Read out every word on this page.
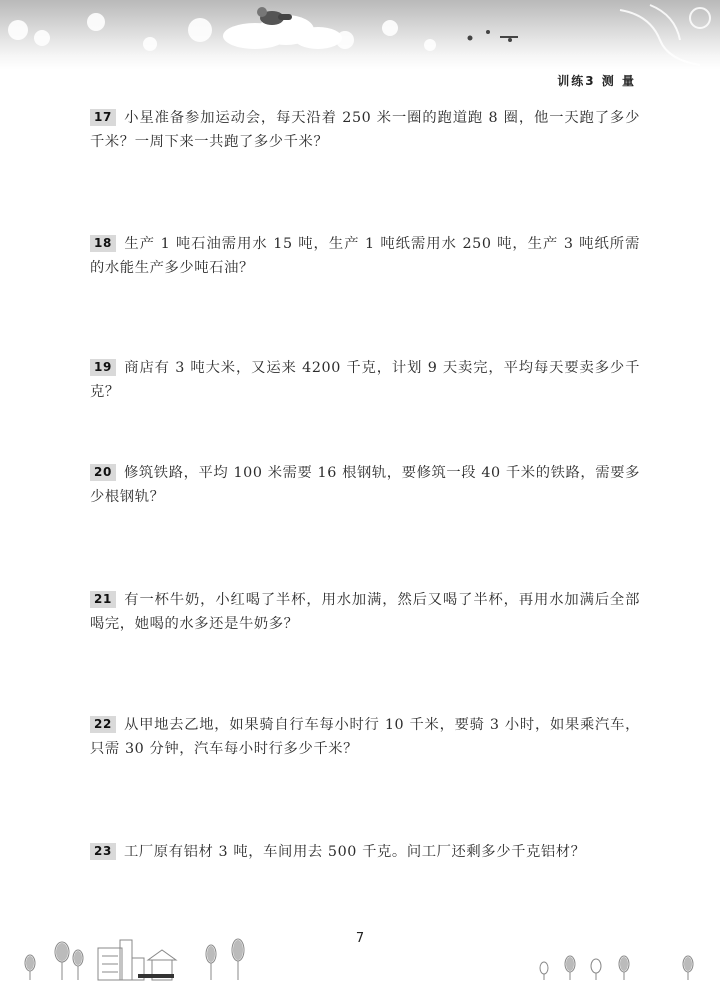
训练3 测 量
17 小星准备参加运动会，每天沿着 250 米一圈的跑道跑 8 圈，他一天跑了多少千米？一周下来一共跑了多少千米？
18 生产 1 吨石油需用水 15 吨，生产 1 吨纸需用水 250 吨，生产 3 吨纸所需的水能生产多少吨石油？
19 商店有 3 吨大米，又运来 4200 千克，计划 9 天卖完，平均每天要卖多少千克？
20 修筑铁路，平均 100 米需要 16 根钢轨，要修筑一段 40 千米的铁路，需要多少根钢轨？
21 有一杯牛奶，小红喝了半杯，用水加满，然后又喝了半杯，再用水加满后全部喝完，她喝的水多还是牛奶多？
22 从甲地去乙地，如果骑自行车每小时行 10 千米，要骑 3 小时，如果乘汽车，只需 30 分钟，汽车每小时行多少千米？
23 工厂原有铝材 3 吨，车间用去 500 千克。问工厂还剩多少千克铝材？
7
